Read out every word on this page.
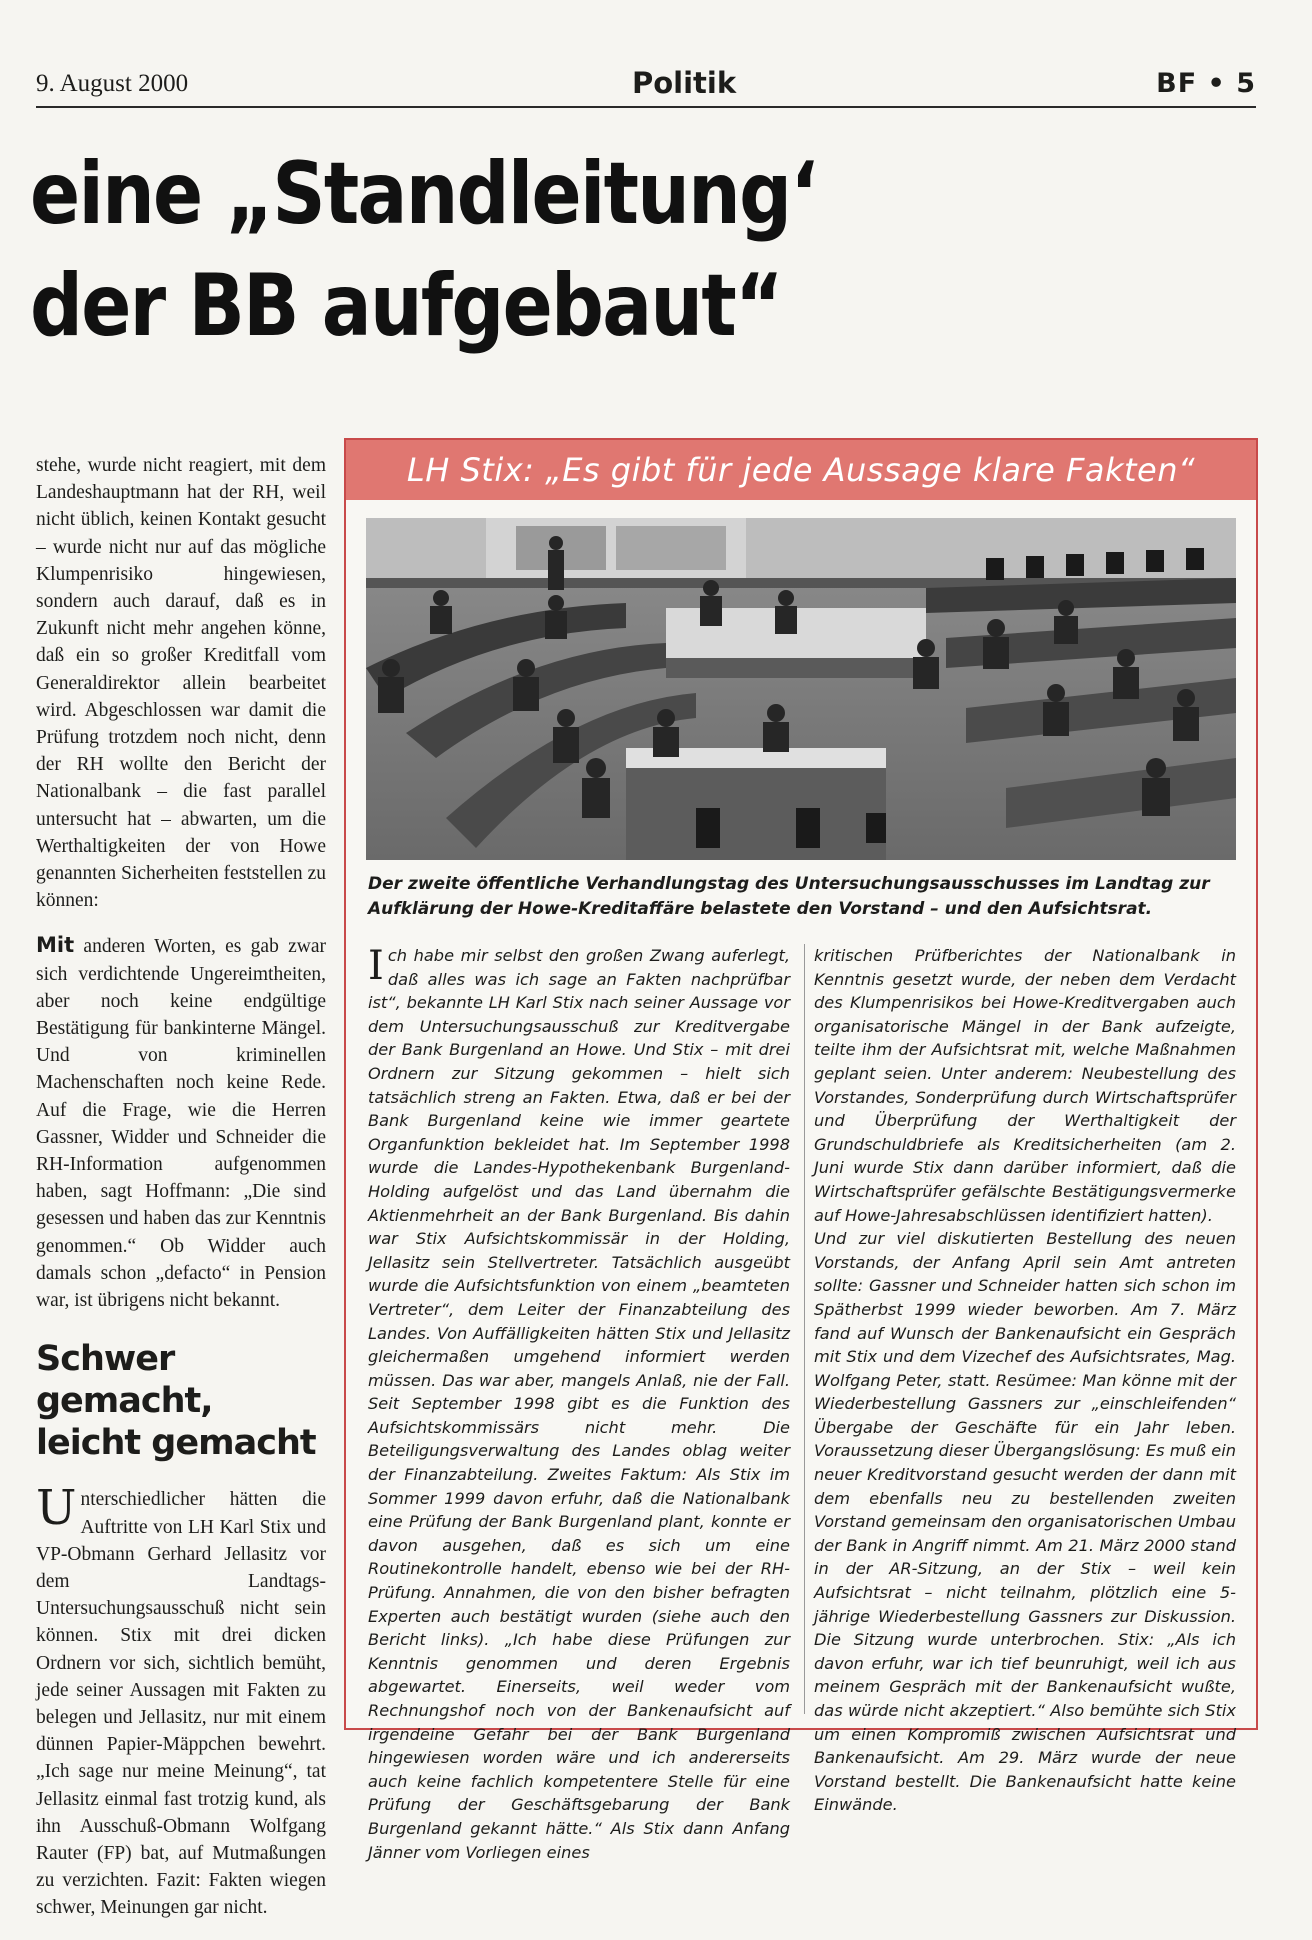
9. August 2000	Politik	BF • 5
eine „Standleitung‘
der BB aufgebaut“

stehe, wurde nicht reagiert, mit dem Landeshauptmann hat der RH, weil nicht üblich, keinen Kontakt gesucht – wurde nicht nur auf das mögliche Klumpenrisiko hingewiesen, sondern auch darauf, daß es in Zukunft nicht mehr angehen könne, daß ein so großer Kreditfall vom Generaldirektor allein bearbeitet wird. Abgeschlossen war damit die Prüfung trotzdem noch nicht, denn der RH wollte den Bericht der Nationalbank – die fast parallel untersucht hat – abwarten, um die Werthaltigkeiten der von Howe genannten Sicherheiten feststellen zu können:

Mit anderen Worten, es gab zwar sich verdichtende Ungereimtheiten, aber noch keine endgültige Bestätigung für bankinterne Mängel. Und von kriminellen Machenschaften noch keine Rede. Auf die Frage, wie die Herren Gassner, Widder und Schneider die RH-Information aufgenommen haben, sagt Hoffmann: „Die sind gesessen und haben das zur Kenntnis genommen.“ Ob Widder auch damals schon „defacto“ in Pension war, ist übrigens nicht bekannt.

Schwer gemacht, leicht gemacht

Unterschiedlicher hätten die Auftritte von LH Karl Stix und VP-Obmann Gerhard Jellasitz vor dem Landtags-Untersuchungsausschuß nicht sein können. Stix mit drei dicken Ordnern vor sich, sichtlich bemüht, jede seiner Aussagen mit Fakten zu belegen und Jellasitz, nur mit einem dünnen Papier-Mäppchen bewehrt. „Ich sage nur meine Meinung“, tat Jellasitz einmal fast trotzig kund, als ihn Ausschuß-Obmann Wolfgang Rauter (FP) bat, auf Mutmaßungen zu verzichten. Fazit: Fakten wiegen schwer, Meinungen gar nicht.

LH Stix: „Es gibt für jede Aussage klare Fakten“
Der zweite öffentliche Verhandlungstag des Untersuchungsausschusses im Landtag zur Aufklärung der Howe-Kreditaffäre belastete den Vorstand – und den Aufsichtsrat.

Ich habe mir selbst den großen Zwang auferlegt, daß alles was ich sage an Fakten nachprüfbar ist“, bekannte LH Karl Stix nach seiner Aussage vor dem Untersuchungsausschuß zur Kreditvergabe der Bank Burgenland an Howe. Und Stix – mit drei Ordnern zur Sitzung gekommen – hielt sich tatsächlich streng an Fakten. Etwa, daß er bei der Bank Burgenland keine wie immer geartete Organfunktion bekleidet hat. Im September 1998 wurde die Landes-Hypothekenbank Burgenland-Holding aufgelöst und das Land übernahm die Aktienmehrheit an der Bank Burgenland. Bis dahin war Stix Aufsichtskommissär in der Holding, Jellasitz sein Stellvertreter. Tatsächlich ausgeübt wurde die Aufsichtsfunktion von einem „beamteten Vertreter“, dem Leiter der Finanzabteilung des Landes. Von Auffälligkeiten hätten Stix und Jellasitz gleichermaßen umgehend informiert werden müssen. Das war aber, mangels Anlaß, nie der Fall. Seit September 1998 gibt es die Funktion des Aufsichtskommissärs nicht mehr. Die Beteiligungsverwaltung des Landes oblag weiter der Finanzabteilung. Zweites Faktum: Als Stix im Sommer 1999 davon erfuhr, daß die Nationalbank eine Prüfung der Bank Burgenland plant, konnte er davon ausgehen, daß es sich um eine Routinekontrolle handelt, ebenso wie bei der RH-Prüfung. Annahmen, die von den bisher befragten Experten auch bestätigt wurden (siehe auch den Bericht links). „Ich habe diese Prüfungen zur Kenntnis genommen und deren Ergebnis abgewartet. Einerseits, weil weder vom Rechnungshof noch von der Bankenaufsicht auf irgendeine Gefahr bei der Bank Burgenland hingewiesen worden wäre und ich andererseits auch keine fachlich kompetentere Stelle für eine Prüfung der Geschäftsgebarung der Bank Burgenland gekannt hätte.“ Als Stix dann Anfang Jänner vom Vorliegen eines

kritischen Prüfberichtes der Nationalbank in Kenntnis gesetzt wurde, der neben dem Verdacht des Klumpenrisikos bei Howe-Kreditvergaben auch organisatorische Mängel in der Bank aufzeigte, teilte ihm der Aufsichtsrat mit, welche Maßnahmen geplant seien. Unter anderem: Neubestellung des Vorstandes, Sonderprüfung durch Wirtschaftsprüfer und Überprüfung der Werthaltigkeit der Grundschuldbriefe als Kreditsicherheiten (am 2. Juni wurde Stix dann darüber informiert, daß die Wirtschaftsprüfer gefälschte Bestätigungsvermerke auf Howe-Jahresabschlüssen identifiziert hatten).

Und zur viel diskutierten Bestellung des neuen Vorstands, der Anfang April sein Amt antreten sollte: Gassner und Schneider hatten sich schon im Spätherbst 1999 wieder beworben. Am 7. März fand auf Wunsch der Bankenaufsicht ein Gespräch mit Stix und dem Vizechef des Aufsichtsrates, Mag. Wolfgang Peter, statt. Resümee: Man könne mit der Wiederbestellung Gassners zur „einschleifenden“ Übergabe der Geschäfte für ein Jahr leben. Voraussetzung dieser Übergangslösung: Es muß ein neuer Kreditvorstand gesucht werden der dann mit dem ebenfalls neu zu bestellenden zweiten Vorstand gemeinsam den organisatorischen Umbau der Bank in Angriff nimmt. Am 21. März 2000 stand in der AR-Sitzung, an der Stix – weil kein Aufsichtsrat – nicht teilnahm, plötzlich eine 5-jährige Wiederbestellung Gassners zur Diskussion. Die Sitzung wurde unterbrochen. Stix: „Als ich davon erfuhr, war ich tief beunruhigt, weil ich aus meinem Gespräch mit der Bankenaufsicht wußte, das würde nicht akzeptiert.“ Also bemühte sich Stix um einen Kompromiß zwischen Aufsichtsrat und Bankenaufsicht. Am 29. März wurde der neue Vorstand bestellt. Die Bankenaufsicht hatte keine Einwände.
